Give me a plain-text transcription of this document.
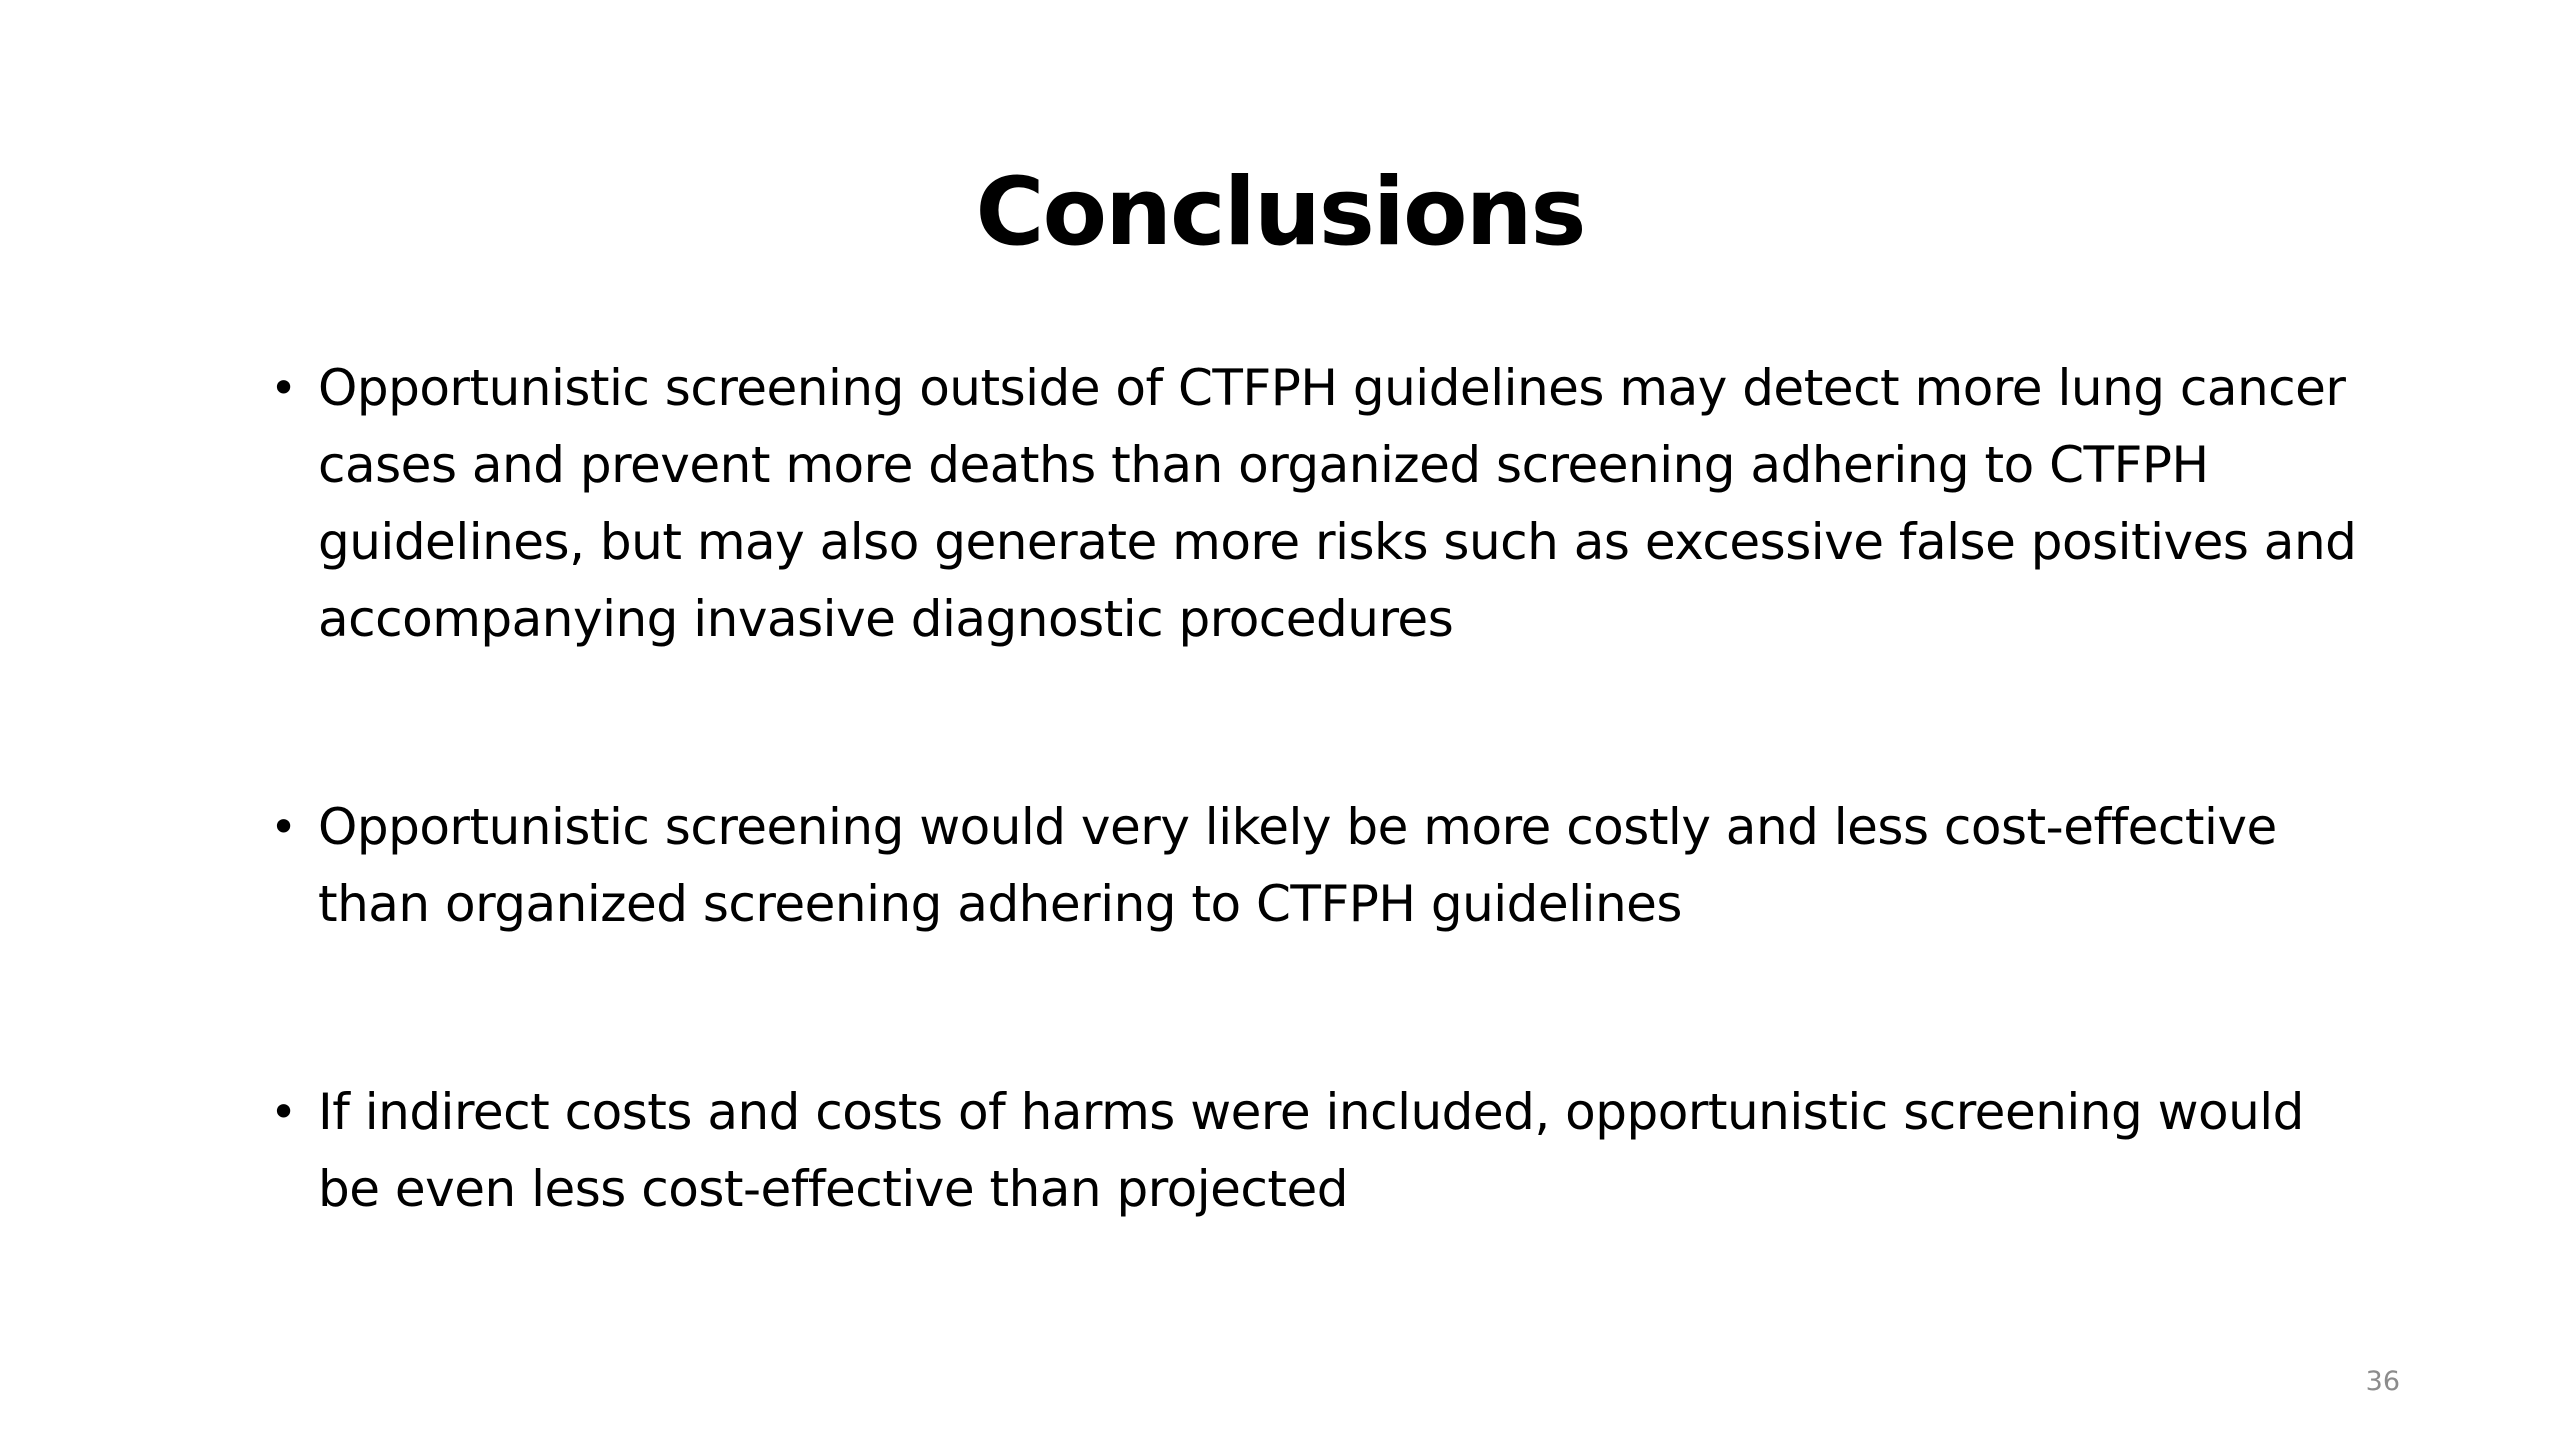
Conclusions
• Opportunistic screening outside of CTFPH guidelines may detect more lung cancer cases and prevent more deaths than organized screening adhering to CTFPH guidelines, but may also generate more risks such as excessive false positives and accompanying invasive diagnostic procedures
• Opportunistic screening would very likely be more costly and less cost-effective than organized screening adhering to CTFPH guidelines
• If indirect costs and costs of harms were included, opportunistic screening would be even less cost-effective than projected
36
